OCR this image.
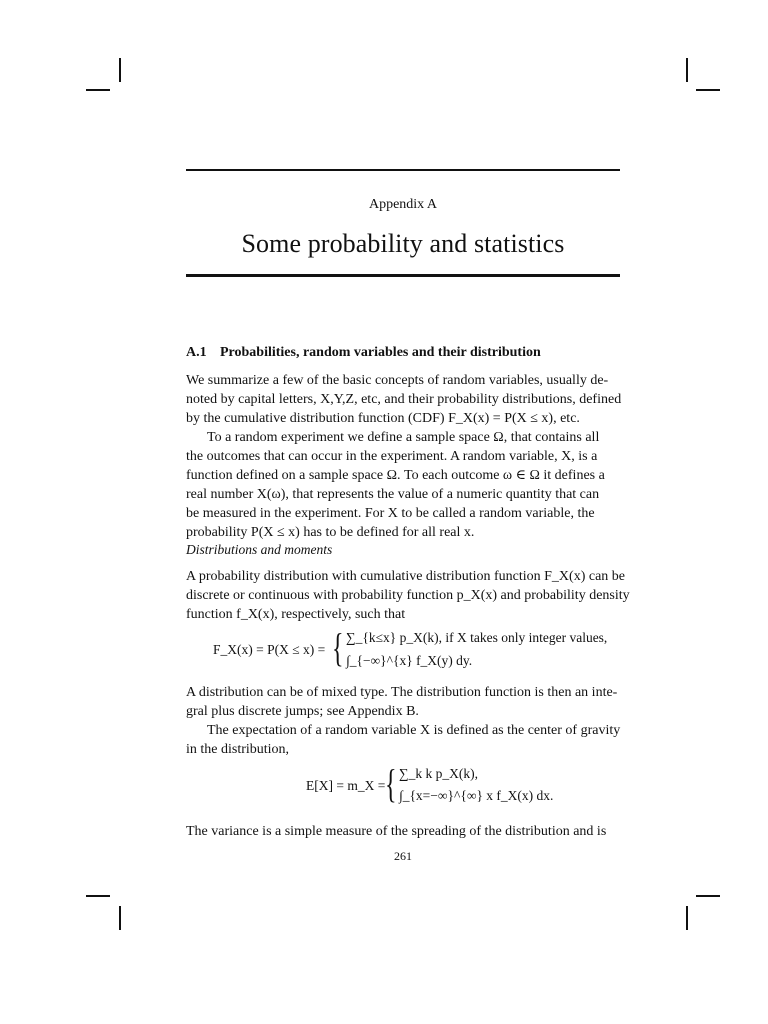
Appendix A
Some probability and statistics
A.1 Probabilities, random variables and their distribution
We summarize a few of the basic concepts of random variables, usually de-
noted by capital letters, X,Y,Z, etc, and their probability distributions, defined
by the cumulative distribution function (CDF) F_X(x) = P(X ≤ x), etc.
To a random experiment we define a sample space Ω, that contains all
the outcomes that can occur in the experiment. A random variable, X, is a
function defined on a sample space Ω. To each outcome ω ∈ Ω it defines a
real number X(ω), that represents the value of a numeric quantity that can
be measured in the experiment. For X to be called a random variable, the
probability P(X ≤ x) has to be defined for all real x.
Distributions and moments
A probability distribution with cumulative distribution function F_X(x) can be
discrete or continuous with probability function p_X(x) and probability density
function f_X(x), respectively, such that
F_X(x) = P(X ≤ x) = { ∑_{k≤x} p_X(k), if X takes only integer values,
∫_{−∞}^{x} f_X(y) dy.
A distribution can be of mixed type. The distribution function is then an inte-
gral plus discrete jumps; see Appendix B.
The expectation of a random variable X is defined as the center of gravity
in the distribution,
E[X] = m_X = { ∑_k k p_X(k),
∫_{x=−∞}^{∞} x f_X(x) dx.
The variance is a simple measure of the spreading of the distribution and is
261
